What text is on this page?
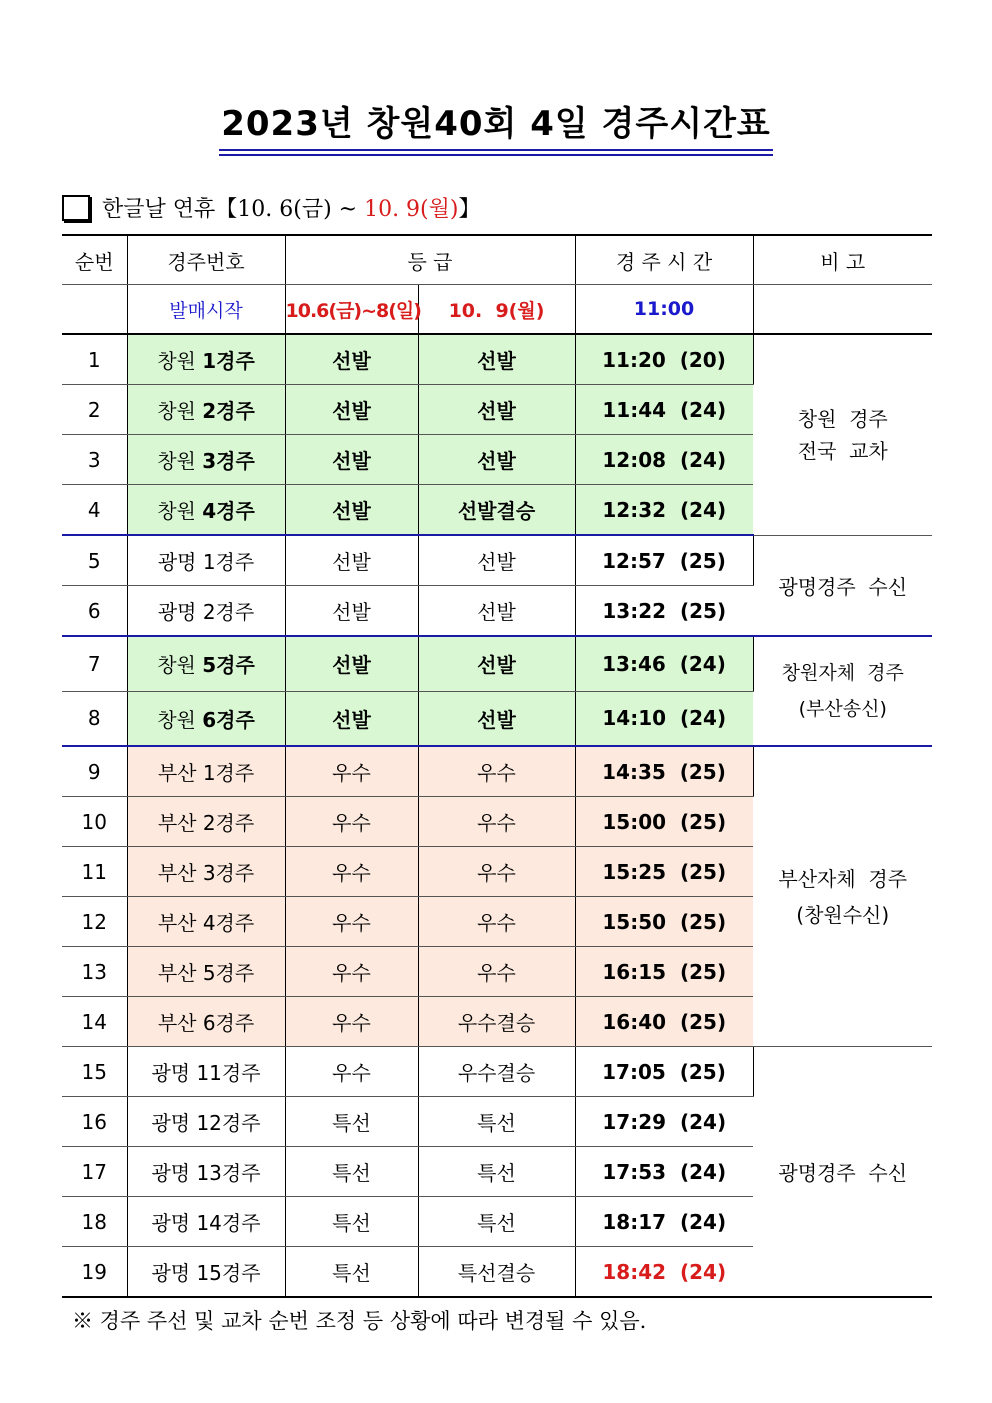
2023년 창원40회 4일 경주시간표
한글날 연휴【10. 6(금) ~ 10. 9(월) 】
순번	경주번호	등 급		경 주 시 간	비 고
	발매시작	10.6(금)~8(일)	10.  9(월)	11:00	
1	창원 1경주	선발	선발	11:20  (20)	창원  경주
전국  교차

2	창원 2경주	선발	선발	11:44  (24)	
3	창원 3경주	선발	선발	12:08  (24)	
4	창원 4경주	선발	선발결승	12:32  (24)	
5	광명 1경주	선발	선발	12:57  (25)	광명경주  수신
6	광명 2경주	선발	선발	13:22  (25)	
7	창원 5경주	선발	선발	13:46  (24)	창원자체  경주
(부산송신)

8	창원 6경주	선발	선발	14:10  (24)	
9	부산 1경주	우수	우수	14:35  (25)	부산자체  경주
(창원수신)

10	부산 2경주	우수	우수	15:00  (25)	
11	부산 3경주	우수	우수	15:25  (25)	
12	부산 4경주	우수	우수	15:50  (25)	
13	부산 5경주	우수	우수	16:15  (25)	
14	부산 6경주	우수	우수결승	16:40  (25)	
15	광명 11경주	우수	우수결승	17:05  (25)	광명경주  수신
16	광명 12경주	특선	특선	17:29  (24)	
17	광명 13경주	특선	특선	17:53  (24)	
18	광명 14경주	특선	특선	18:17  (24)	
19	광명 15경주	특선	특선결승	18:42  (24)	
※ 경주 주선 및 교차 순번 조정 등 상황에 따라 변경될 수 있음.
